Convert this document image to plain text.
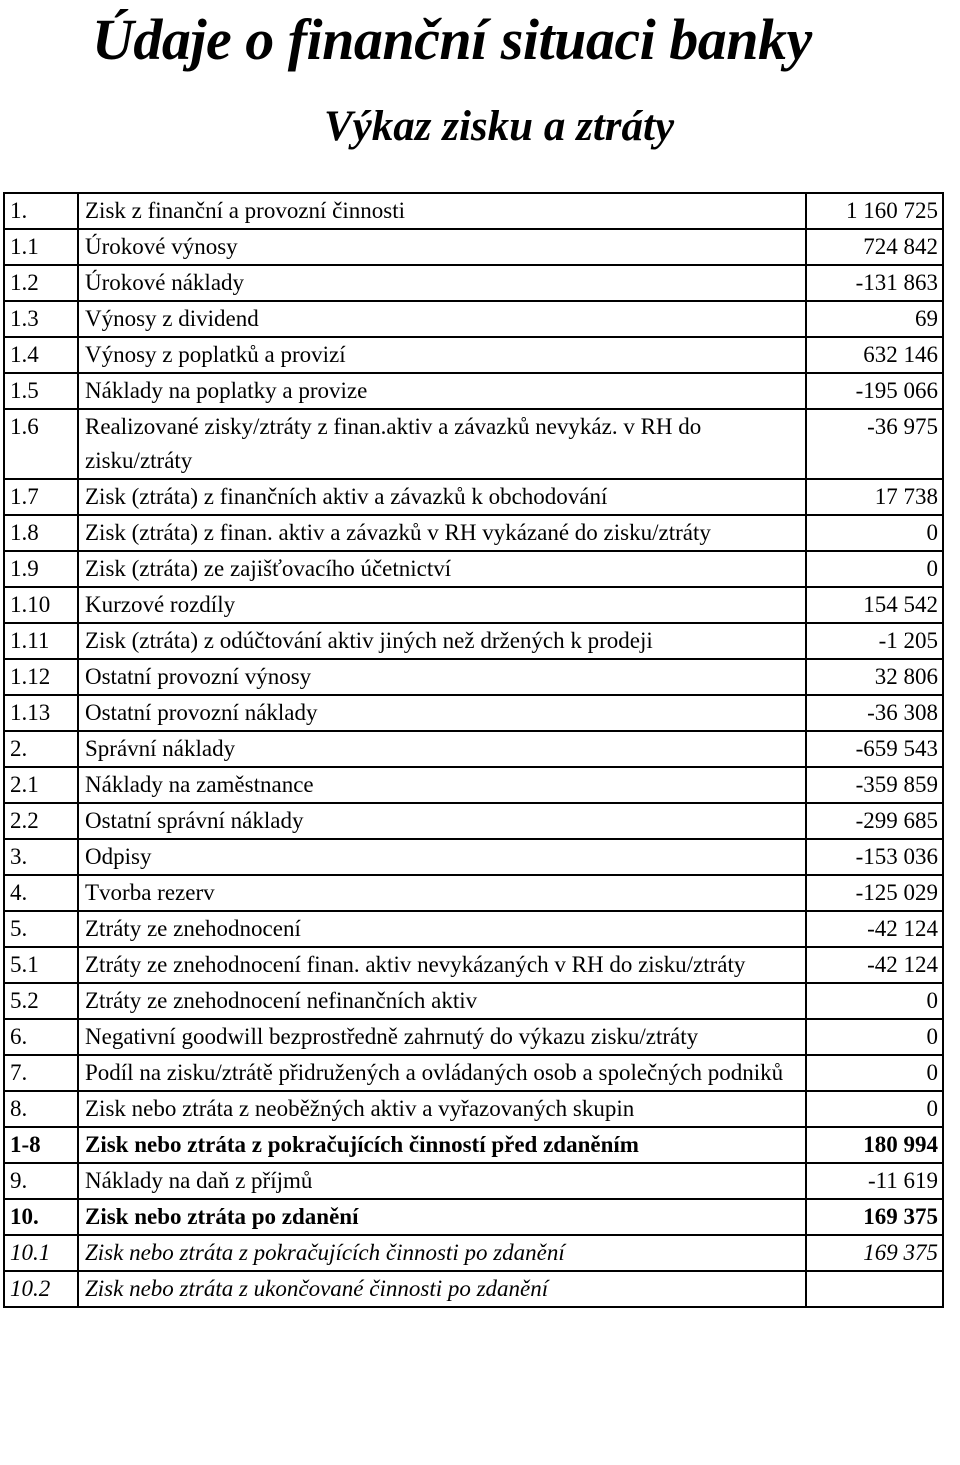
Údaje o finanční situaci banky
Výkaz zisku a ztráty
1.	Zisk z finanční a provozní činnosti	1 160 725
1.1	Úrokové výnosy	724 842
1.2	Úrokové náklady	-131 863
1.3	Výnosy z dividend	69
1.4	Výnosy z poplatků a provizí	632 146
1.5	Náklady na poplatky a provize	-195 066
1.6	Realizované zisky/ztráty z finan.aktiv a závazků nevykáz. v RH do zisku/ztráty	-36 975
1.7	Zisk (ztráta) z finančních aktiv a závazků k obchodování	17 738
1.8	Zisk (ztráta) z finan. aktiv a závazků v RH vykázané do zisku/ztráty	0
1.9	Zisk (ztráta) ze zajišťovacího účetnictví	0
1.10	Kurzové rozdíly	154 542
1.11	Zisk (ztráta) z odúčtování aktiv jiných než držených k prodeji	-1 205
1.12	Ostatní provozní výnosy	32 806
1.13	Ostatní provozní náklady	-36 308
2.	Správní náklady	-659 543
2.1	Náklady na zaměstnance	-359 859
2.2	Ostatní správní náklady	-299 685
3.	Odpisy	-153 036
4.	Tvorba rezerv	-125 029
5.	Ztráty ze znehodnocení	-42 124
5.1	Ztráty ze znehodnocení finan. aktiv nevykázaných v RH do zisku/ztráty	-42 124
5.2	Ztráty ze znehodnocení nefinančních aktiv	0
6.	Negativní goodwill bezprostředně zahrnutý do výkazu zisku/ztráty	0
7.	Podíl na zisku/ztrátě přidružených a ovládaných osob a společných podniků	0
8.	Zisk nebo ztráta z neoběžných aktiv a vyřazovaných skupin	0
1-8	Zisk nebo ztráta z pokračujících činností před zdaněním	180 994
9.	Náklady na daň z příjmů	-11 619
10.	Zisk nebo ztráta po zdanění	169 375
10.1	Zisk nebo ztráta z pokračujících činnosti po zdanění	169 375
10.2	Zisk nebo ztráta z ukončované činnosti po zdanění	
